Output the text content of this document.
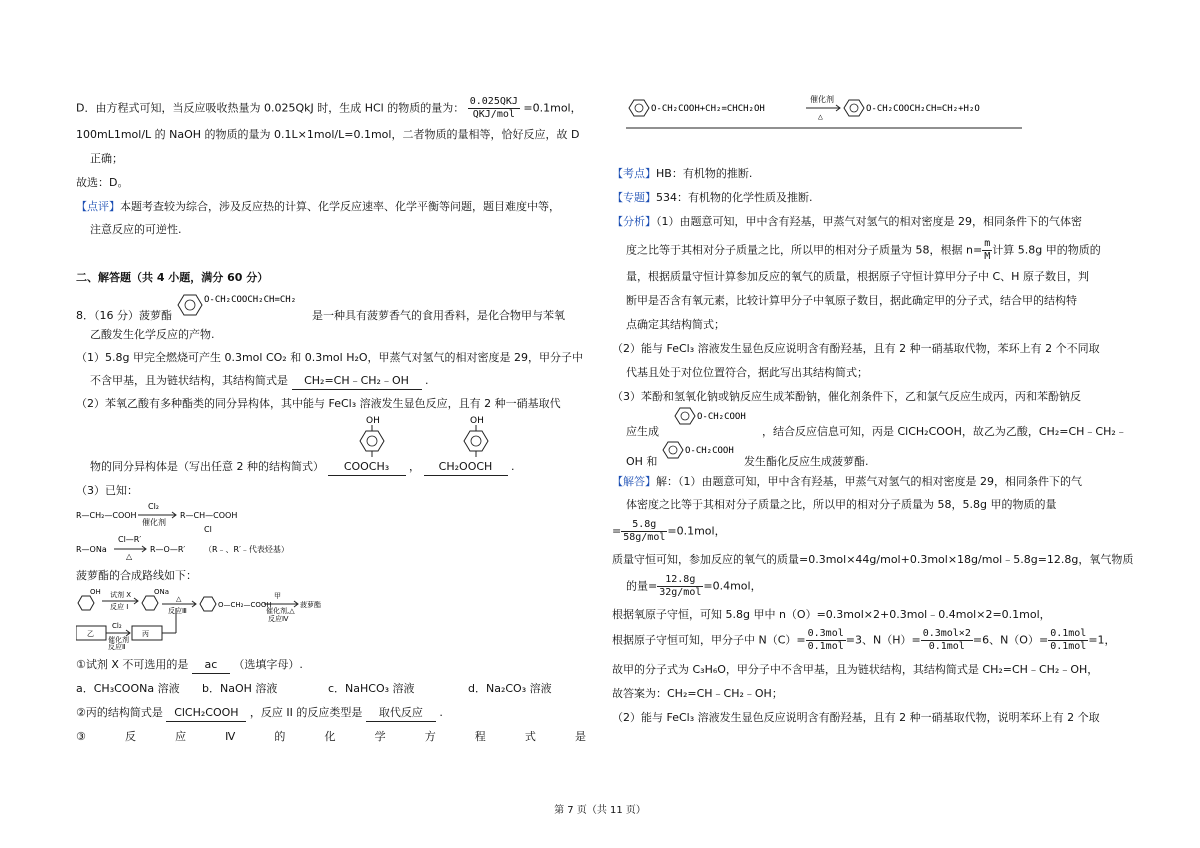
D．由方程式可知，当反应吸收热量为 0.025QkJ 时，生成 HCl 的物质的量为： $\frac{\text{0.025QKJ}}{\text{QKJ/mol}} =0.1mol$，
100mL1mol/L 的 NaOH 的物质的量为 0.1L×1mol/L=0.1mol，二者物质的量相等，恰好反应，故 D
正确；
故选：D。
【点评】本题考查较为综合，涉及反应热的计算、化学反应速率、化学平衡等问题，题目难度中等，
注意反应的可逆性.
二、解答题（共 4 小题，满分 60 分）
8．（16 分）菠萝酯
O-CH₂COOCH₂CH=CH₂
是一种具有菠萝香气的食用香料，是化合物甲与苯氧
乙酸发生化学反应的产物.
（1）5.8g 甲完全燃烧可产生 0.3mol CO₂ 和 0.3mol H₂O，甲蒸气对氢气的相对密度是 29，甲分子中
不含甲基，且为链状结构，其结构简式是 CH₂=CH﹣CH₂﹣OH .
（2）苯氧乙酸有多种酯类的同分异构体，其中能与 FeCl₃ 溶液发生显色反应，且有 2 种一硝基取代
OH	OH
物的同分异构体是（写出任意 2 种的结构简式） COOCH₃ ， CH₂OOCH .
（3）已知：
R—CH₂—COOH
Cl₂
催化剂
R—CH—COOH
Cl
R—ONa
Cl—R′
△
R—O—R′ （R﹣、R′﹣代表烃基）
菠萝酯的合成路线如下：
OH 试剂 X
反应 I
ONa
△
反应Ⅲ
O—CH₂—COOH
甲
催化剂,△
反应Ⅳ
菠萝酯
乙
Cl₂
催化剂
反应Ⅱ
丙
①试剂 X 不可选用的是 ac （选填字母）.
a．CH₃COONa 溶液 b．NaOH 溶液	c．NaHCO₃ 溶液	d．Na₂CO₃ 溶液
②丙的结构简式是 ClCH₂COOH ，反应 II 的反应类型是 取代反应 .
③	反	应	Ⅳ	的	化	学	方	程	式	是
O-CH₂COOH+CH₂=CHCH₂OH
催化剂
△
O-CH₂COOCH₂CH=CH₂+H₂O
【考点】HB：有机物的推断.
【专题】534：有机物的化学性质及推断.
【分析】（1）由题意可知，甲中含有羟基，甲蒸气对氢气的相对密度是 29，相同条件下的气体密
度之比等于其相对分子质量之比，所以甲的相对分子质量为 58，根据 $n= \frac{m}{M}$ 计算 5.8g 甲的物质的
量，根据质量守恒计算参加反应的氧气的质量，根据原子守恒计算甲分子中 C、H 原子数目，判
断甲是否含有氧元素，比较计算甲分子中氧原子数目，据此确定甲的分子式，结合甲的结构特
点确定其结构简式；
（2）能与 FeCl₃ 溶液发生显色反应说明含有酚羟基，且有 2 种一硝基取代物，苯环上有 2 个不同取
代基且处于对位位置符合，据此写出其结构简式；
（3）苯酚和氢氧化钠或钠反应生成苯酚钠，催化剂条件下，乙和氯气反应生成丙，丙和苯酚钠反
O-CH₂COOH
应生成	，结合反应信息可知，丙是 ClCH₂COOH，故乙为乙酸，CH₂=CH﹣CH₂﹣
O-CH₂COOH
OH 和	发生酯化反应生成菠萝酯.
【解答】解：（1）由题意可知，甲中含有羟基，甲蒸气对氢气的相对密度是 29，相同条件下的气
体密度之比等于其相对分子质量之比，所以甲的相对分子质量为 58，5.8g 甲的物质的量
= $\frac{5.8g}{\text{58g/mol}} =0.1mol$，
质量守恒可知，参加反应的氧气的质量=0.3mol×44g/mol+0.3mol×18g/mol﹣5.8g=12.8g，氧气物质
的量= $\frac{12.8g}{\text{32g/mol}} =0.4mol$，
根据氧原子守恒，可知 5.8g 甲中 n（O）=0.3mol×2+0.3mol﹣0.4mol×2=0.1mol，
根据原子守恒可知，甲分子中 $N(C)= \frac{\text{0.3mol}}{\text{0.1mol}} =3$、$N(H)= \frac{\text{0.3mol×2}}{\text{0.1mol}} =6$、$N(O)= \frac{\text{0.1mol}}{\text{0.1mol}} =1$，
故甲的分子式为 C₃H₆O，甲分子中不含甲基，且为链状结构，其结构简式是 CH₂=CH﹣CH₂﹣OH，
故答案为：CH₂=CH﹣CH₂﹣OH；
（2）能与 FeCl₃ 溶液发生显色反应说明含有酚羟基，且有 2 种一硝基取代物，说明苯环上有 2 个取
第 7 页（共 11 页）
